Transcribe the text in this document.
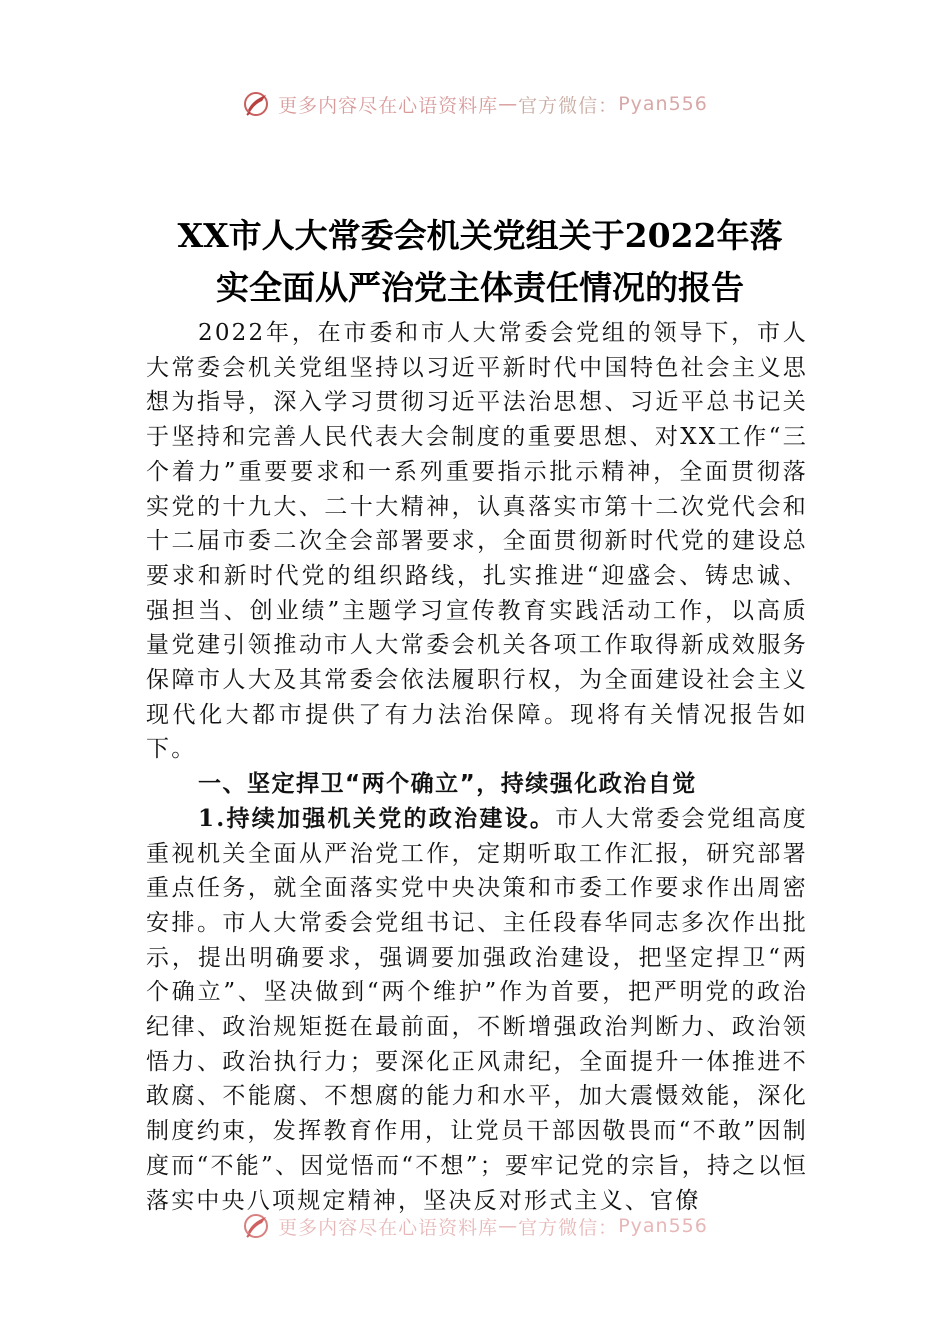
更多内容尽在心语资料库 — 官方微信： Pyan556
XX市人大常委会机关党组关于2022年落
实全面从严治党主体责任情况的报告

2022年，在市委和市人大常委会党组的领导下，市人大常委会机关党组坚持以习近平新时代中国特色社会主义思想为指导，深入学习贯彻习近平法治思想、习近平总书记关于坚持和完善人民代表大会制度的重要思想、对XX工作“三个着力”重要要求和一系列重要指示批示精神，全面贯彻落实党的十九大、二十大精神，认真落实市第十二次党代会和十二届市委二次全会部署要求，全面贯彻新时代党的建设总要求和新时代党的组织路线，扎实推进“迎盛会、铸忠诚、强担当、创业绩”主题学习宣传教育实践活动工作，以高质量党建引领推动市人大常委会机关各项工作取得新成效服务保障市人大及其常委会依法履职行权，为全面建设社会主义现代化大都市提供了有力法治保障。现将有关情况报告如下。

一、坚定捍卫“两个确立”，持续强化政治自觉

1.持续加强机关党的政治建设。市人大常委会党组高度重视机关全面从严治党工作，定期听取工作汇报，研究部署重点任务，就全面落实党中央决策和市委工作要求作出周密安排。市人大常委会党组书记、主任段春华同志多次作出批示，提出明确要求，强调要加强政治建设，把坚定捍卫“两个确立”、坚决做到“两个维护”作为首要，把严明党的政治纪律、政治规矩挺在最前面，不断增强政治判断力、政治领悟力、政治执行力；要深化正风肃纪，全面提升一体推进不敢腐、不能腐、不想腐的能力和水平，加大震慑效能，深化制度约束，发挥教育作用，让党员干部因敬畏而“不敢”因制度而“不能”、因觉悟而“不想”；要牢记党的宗旨，持之以恒落实中央八项规定精神，坚决反对形式主义、官僚

更多内容尽在心语资料库 — 官方微信： Pyan556
